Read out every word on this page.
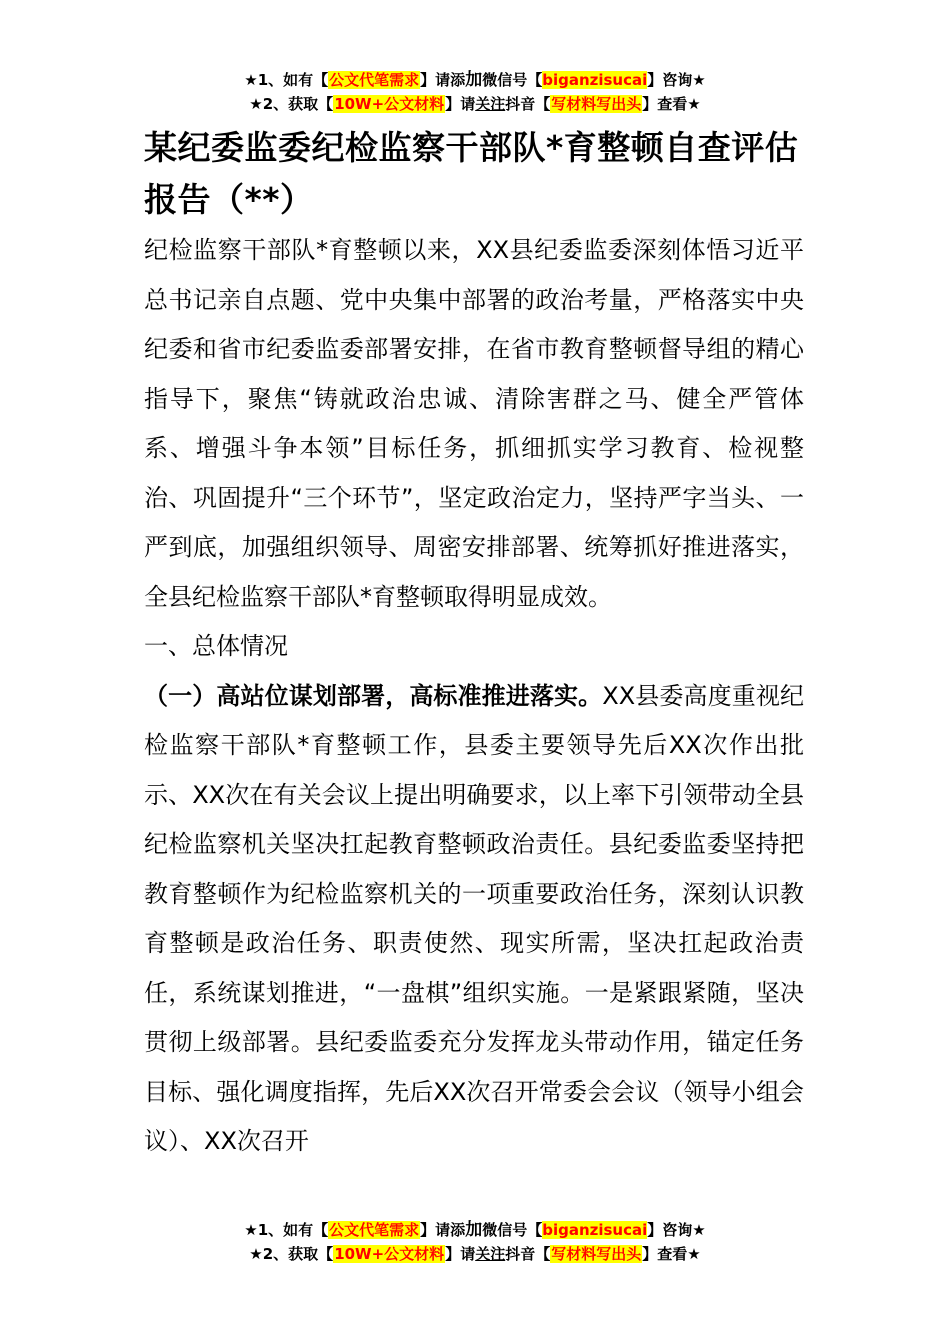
★1、如有【公文代笔需求】请添加微信号【biganzisucai】咨询★
★2、获取【10W+公文材料】请关注抖音【写材料写出头】查看★
某纪委监委纪检监察干部队*育整顿自查评估报告（**）

纪检监察干部队*育整顿以来，XX县纪委监委深刻体悟习近平总书记亲自点题、党中央集中部署的政治考量，严格落实中央纪委和省市纪委监委部署安排，在省市教育整顿督导组的精心指导下，聚焦“铸就政治忠诚、清除害群之马、健全严管体系、增强斗争本领”目标任务，抓细抓实学习教育、检视整治、巩固提升“三个环节”，坚定政治定力，坚持严字当头、一严到底，加强组织领导、周密安排部署、统筹抓好推进落实，全县纪检监察干部队*育整顿取得明显成效。

一、总体情况

（一）高站位谋划部署，高标准推进落实。XX县委高度重视纪检监察干部队*育整顿工作，县委主要领导先后XX次作出批示、XX次在有关会议上提出明确要求，以上率下引领带动全县纪检监察机关坚决扛起教育整顿政治责任。县纪委监委坚持把教育整顿作为纪检监察机关的一项重要政治任务，深刻认识教育整顿是政治任务、职责使然、现实所需，坚决扛起政治责任，系统谋划推进，“一盘棋”组织实施。一是紧跟紧随，坚决贯彻上级部署。县纪委监委充分发挥龙头带动作用，锚定任务目标、强化调度指挥，先后XX次召开常委会会议（领导小组会议）、XX次召开

★1、如有【公文代笔需求】请添加微信号【biganzisucai】咨询★
★2、获取【10W+公文材料】请关注抖音【写材料写出头】查看★
